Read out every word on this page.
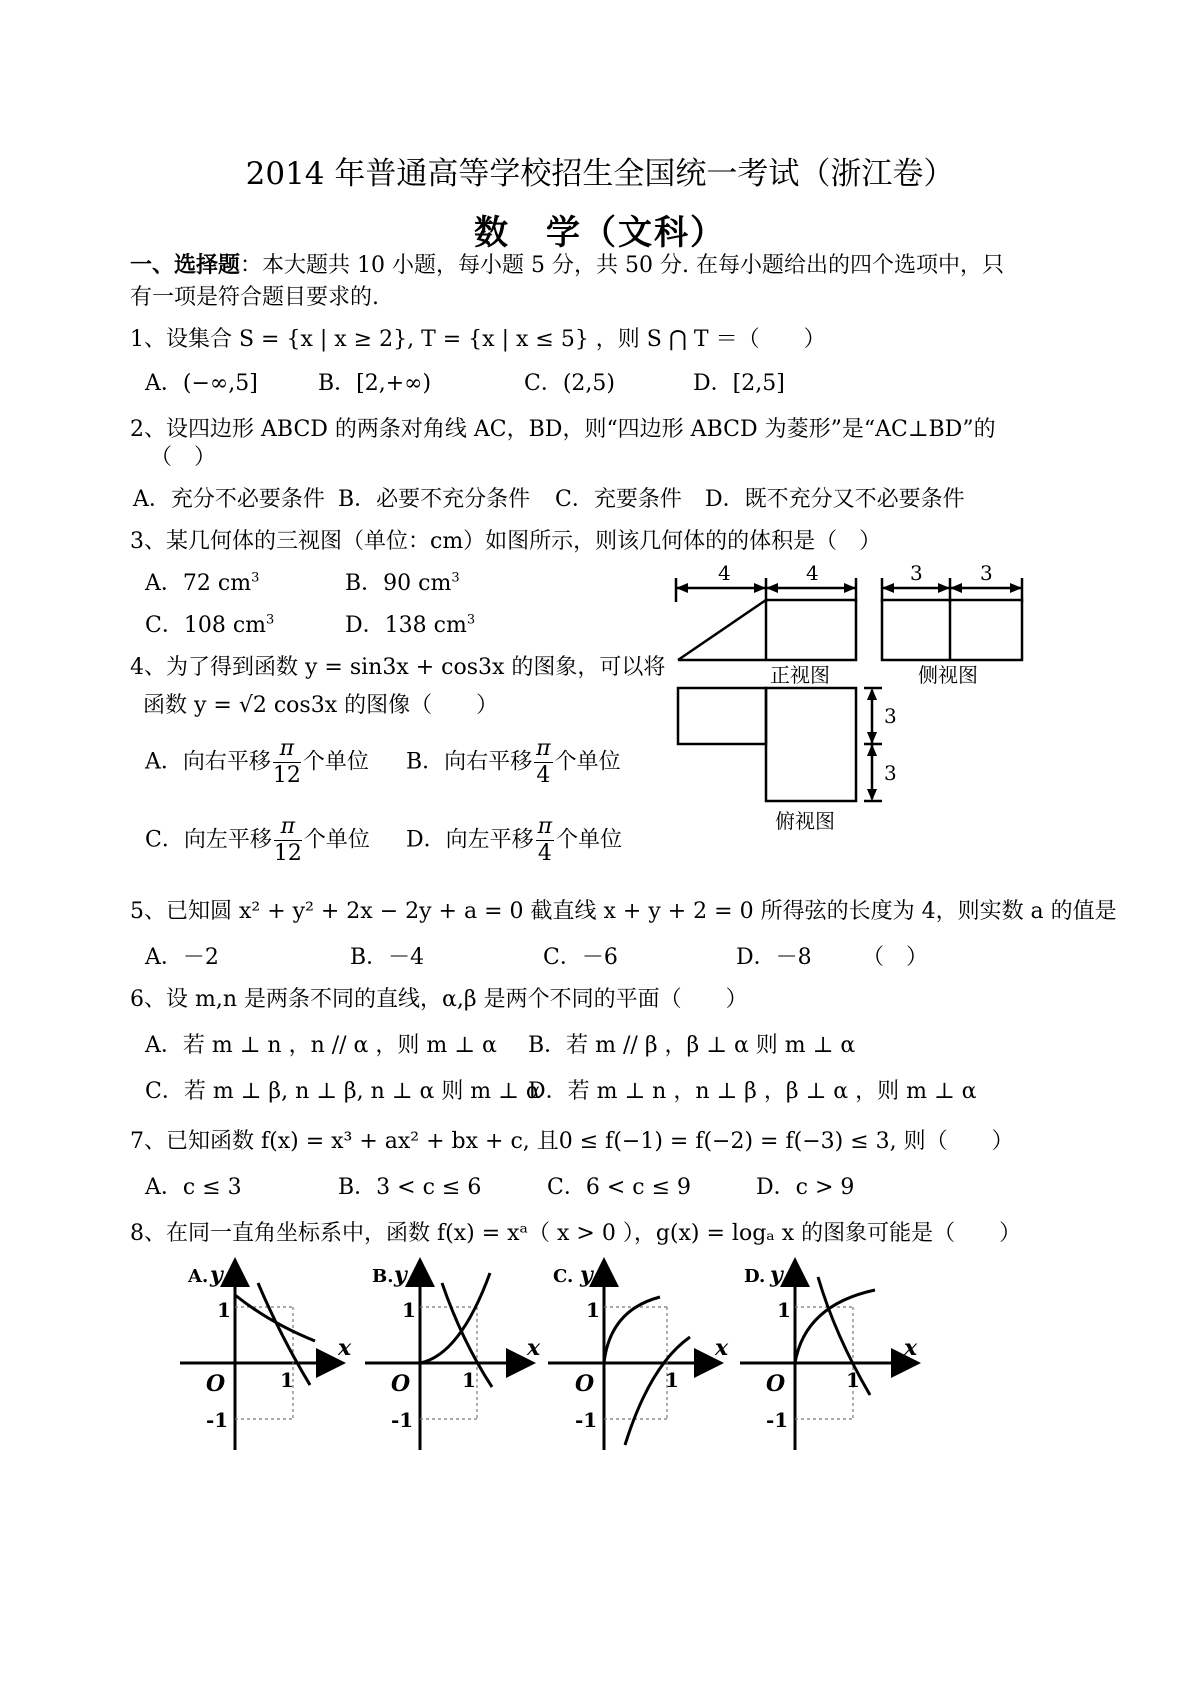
2014 年普通高等学校招生全国统一考试（浙江卷）
数　学（文科）
一、选择题：本大题共 10 小题，每小题 5 分，共 50 分. 在每小题给出的四个选项中，只
有一项是符合题目要求的.
1、设集合 S = {x | x ≥ 2}, T = {x | x ≤ 5} ，则 S ⋂ T ＝（　　）
A．(−∞,5]	B．[2,+∞)	C．(2,5)	D．[2,5]
2、设四边形 ABCD 的两条对角线 AC，BD，则“四边形 ABCD 为菱形”是“AC⊥BD”的
（　）
A．充分不必要条件 B．必要不充分条件 C．充要条件 D．既不充分又不必要条件
3、某几何体的三视图（单位：cm）如图所示，则该几何体的的体积是（　）
A．72 $cm^3$	B．90 $cm^3$
C．108 $cm^3$	D．138 $cm^3$
4	4	3	3
3
3
正视图	侧视图
俯视图
4、为了得到函数 y = sin3x + cos3x 的图象，可以将
函数 y = √2 cos3x 的图像（　　）
A．向右平移 $\frac{\pi}{12}$ 个单位 B．向右平移 $\frac{\pi}{4}$ 个单位
C．向左平移 $\frac{\pi}{12}$ 个单位 D．向左平移 $\frac{\pi}{4}$ 个单位
5、已知圆 x² + y² + 2x − 2y + a = 0 截直线 x + y + 2 = 0 所得弦的长度为 4，则实数 a 的值是
A．－2	B．－4	C．－6	D．－8 （　）
6、设 m,n 是两条不同的直线，α,β 是两个不同的平面（　　）
A．若 m ⊥ n ，n // α ，则 m ⊥ α B．若 m // β ，β ⊥ α 则 m ⊥ α
C．若 m ⊥ β, n ⊥ β, n ⊥ α 则 m ⊥ α
D．若 m ⊥ n ，n ⊥ β ，β ⊥ α ，则 m ⊥ α
7、已知函数 f(x) = x³ + ax² + bx + c, 且0 ≤ f(−1) = f(−2) = f(−3) ≤ 3, 则（　　）
A．c ≤ 3	B．3 < c ≤ 6	C．6 < c ≤ 9	D．c > 9
8、在同一直角坐标系中，函数 f(x) = xᵃ（ x > 0 ），g(x) = logₐ x 的图象可能是（　　）
A. y
x
O
1
1
-1
B. y
x
O
1
1
-1
C. y
x
O
1
1
-1
D. y
x
O
1
1
-1
